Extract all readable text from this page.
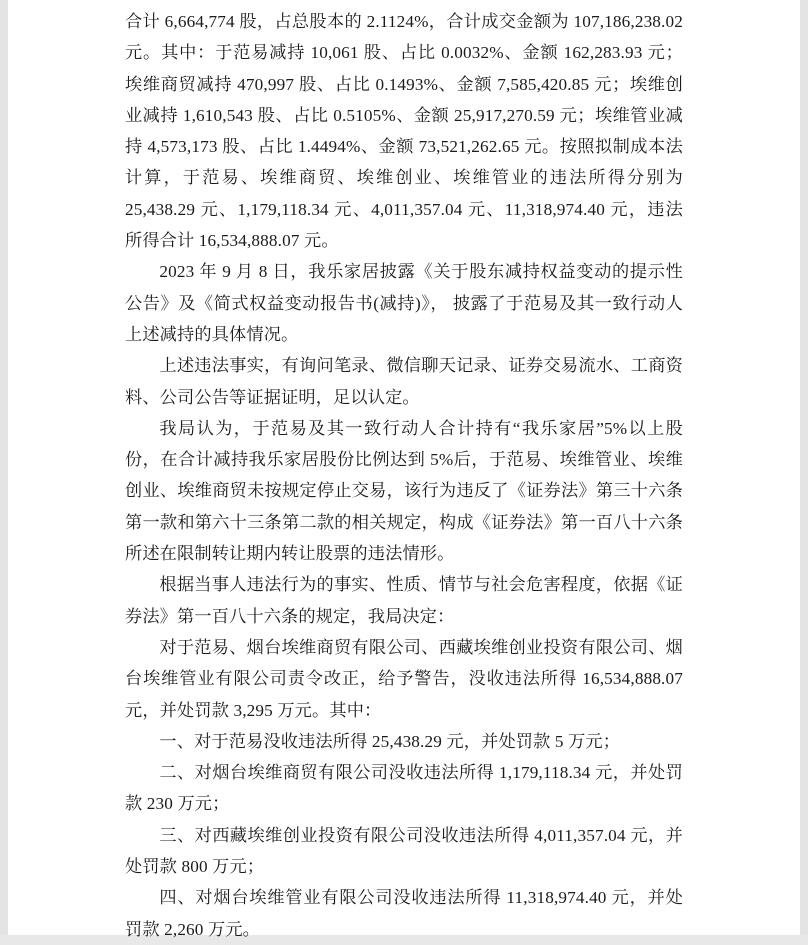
合计 6,664,774 股，占总股本的 2.1124%，合计成交金额为 107,186,238.02 元。其中：于范易减持 10,061 股、占比 0.0032%、金额 162,283.93 元；埃维商贸减持 470,997 股、占比 0.1493%、金额 7,585,420.85 元；埃维创业减持 1,610,543 股、占比 0.5105%、金额 25,917,270.59 元；埃维管业减持 4,573,173 股、占比 1.4494%、金额 73,521,262.65 元。按照拟制成本法计算，于范易、埃维商贸、埃维创业、埃维管业的违法所得分别为 25,438.29 元、1,179,118.34 元、4,011,357.04 元、11,318,974.40 元，违法所得合计 16,534,888.07 元。

2023 年 9 月 8 日，我乐家居披露《关于股东减持权益变动的提示性公告》及《简式权益变动报告书(减持)》， 披露了于范易及其一致行动人上述减持的具体情况。

上述违法事实，有询问笔录、微信聊天记录、证券交易流水、工商资料、公司公告等证据证明，足以认定。

我局认为，于范易及其一致行动人合计持有“我乐家居”5%以上股份，在合计减持我乐家居股份比例达到 5%后，于范易、埃维管业、埃维创业、埃维商贸未按规定停止交易，该行为违反了《证券法》第三十六条第一款和第六十三条第二款的相关规定，构成《证券法》第一百八十六条所述在限制转让期内转让股票的违法情形。

根据当事人违法行为的事实、性质、情节与社会危害程度，依据《证券法》第一百八十六条的规定，我局决定：

对于范易、烟台埃维商贸有限公司、西藏埃维创业投资有限公司、烟台埃维管业有限公司责令改正，给予警告，没收违法所得 16,534,888.07 元，并处罚款 3,295 万元。其中：

一、对于范易没收违法所得 25,438.29 元，并处罚款 5 万元；

二、对烟台埃维商贸有限公司没收违法所得 1,179,118.34 元，并处罚款 230 万元；

三、对西藏埃维创业投资有限公司没收违法所得 4,011,357.04 元，并处罚款 800 万元；

四、对烟台埃维管业有限公司没收违法所得 11,318,974.40 元，并处罚款 2,260 万元。
